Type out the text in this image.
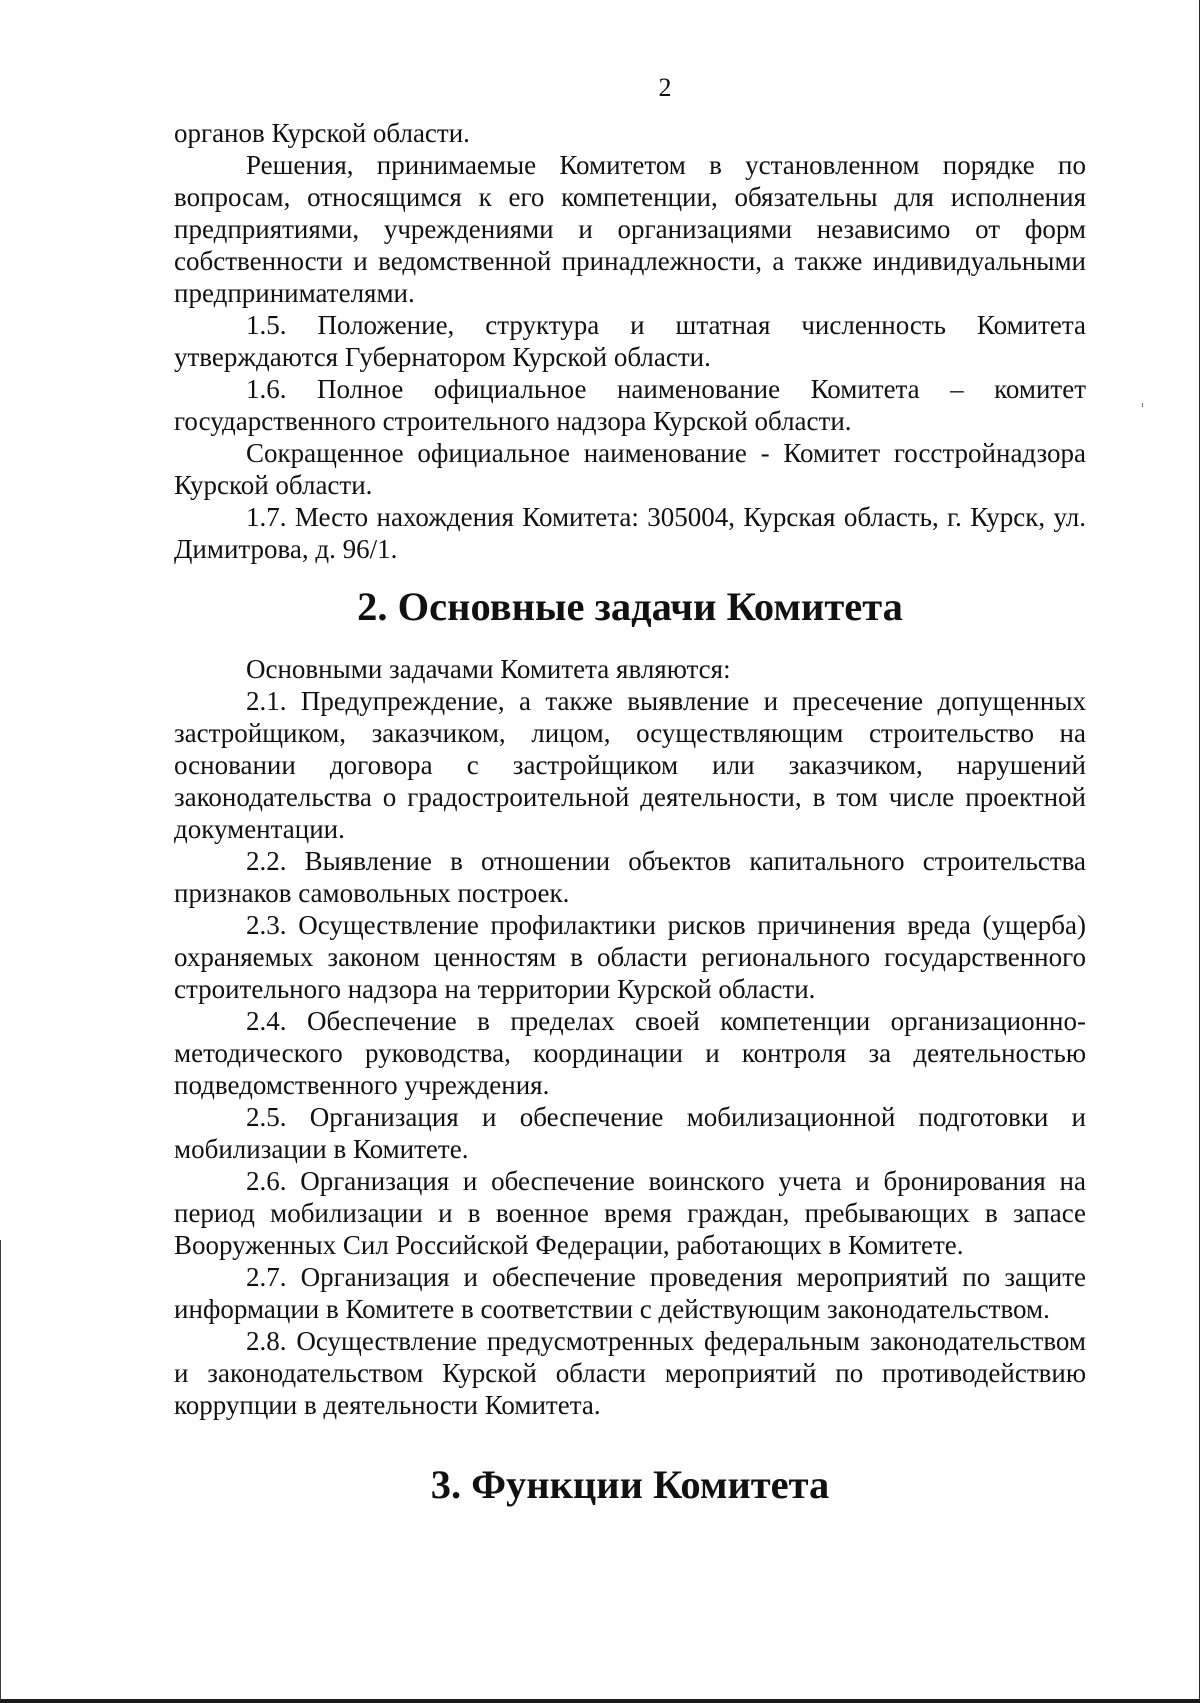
2

органов Курской области.

Решения, принимаемые Комитетом в установленном порядке по вопросам, относящимся к его компетенции, обязательны для исполнения предприятиями, учреждениями и организациями независимо от форм собственности и ведомственной принадлежности, а также индивидуальными предпринимателями.

1.5. Положение, структура и штатная численность Комитета утверждаются Губернатором Курской области.

1.6. Полное официальное наименование Комитета – комитет государственного строительного надзора Курской области.

Сокращенное официальное наименование - Комитет госстройнадзора Курской области.

1.7. Место нахождения Комитета: 305004, Курская область, г. Курск, ул. Димитрова, д. 96/1.

2. Основные задачи Комитета

Основными задачами Комитета являются:

2.1. Предупреждение, а также выявление и пресечение допущенных застройщиком, заказчиком, лицом, осуществляющим строительство на основании договора с застройщиком или заказчиком, нарушений законодательства о градостроительной деятельности, в том числе проектной документации.

2.2. Выявление в отношении объектов капитального строительства признаков самовольных построек.

2.3. Осуществление профилактики рисков причинения вреда (ущерба) охраняемых законом ценностям в области регионального государственного строительного надзора на территории Курской области.

2.4. Обеспечение в пределах своей компетенции организационно-методического руководства, координации и контроля за деятельностью подведомственного учреждения.

2.5. Организация и обеспечение мобилизационной подготовки и мобилизации в Комитете.

2.6. Организация и обеспечение воинского учета и бронирования на период мобилизации и в военное время граждан, пребывающих в запасе Вооруженных Сил Российской Федерации, работающих в Комитете.

2.7. Организация и обеспечение проведения мероприятий по защите информации в Комитете в соответствии с действующим законодательством.

2.8. Осуществление предусмотренных федеральным законодательством и законодательством Курской области мероприятий по противодействию коррупции в деятельности Комитета.

3. Функции Комитета
